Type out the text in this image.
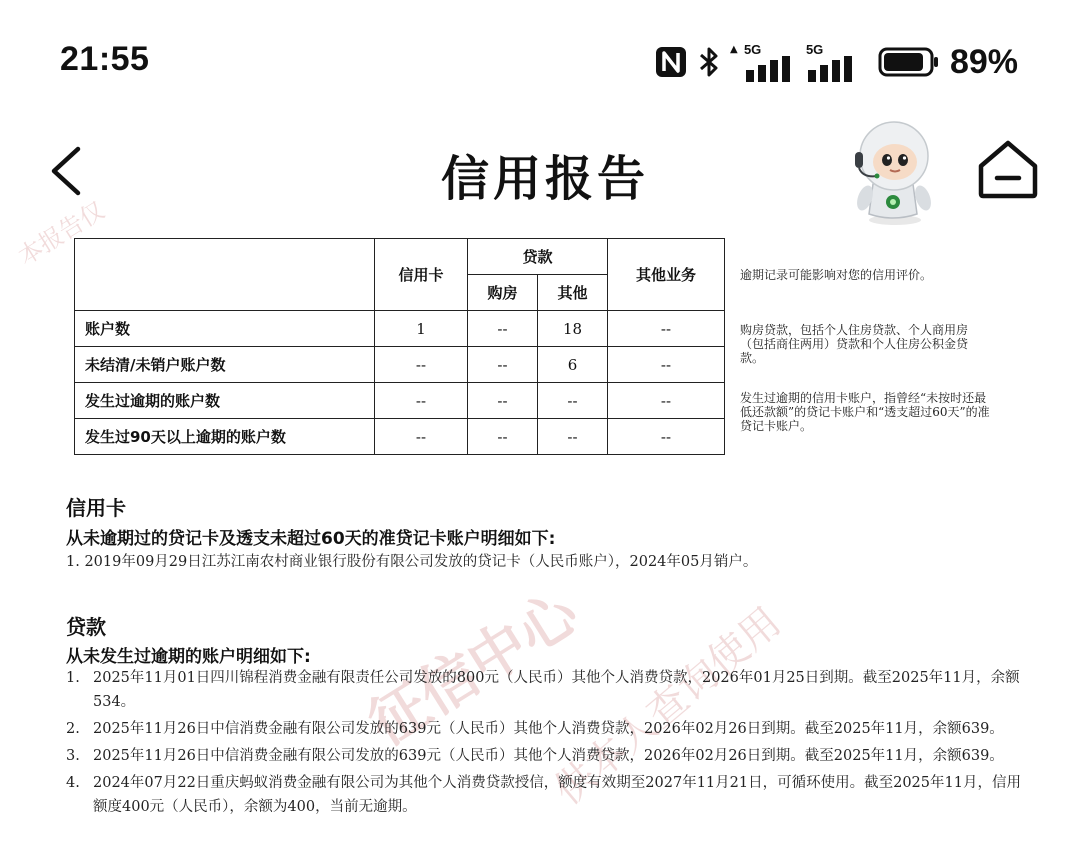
21:55	▲ 5G	5G	89%
信用报告
本报告仅
征信中心
供本人查询使用
	信用卡	贷款		其他业务
		购房	其他	
账户数	1	--	18	--
未结清/未销户账户数	--	--	6	--
发生过逾期的账户数	--	--	--	--
发生过90天以上逾期的账户数	--	--	--	--
逾期记录可能影响对您的信用评价。
购房贷款，包括个人住房贷款、个人商用房（包括商住两用）贷款和个人住房公积金贷款。
发生过逾期的信用卡账户，指曾经“未按时还最低还款额”的贷记卡账户和“透支超过60天”的准贷记卡账户。
信用卡
从未逾期过的贷记卡及透支未超过60天的准贷记卡账户明细如下:
1. 2019年09月29日江苏江南农村商业银行股份有限公司发放的贷记卡（人民币账户），2024年05月销户。
贷款
从未发生过逾期的账户明细如下:
1. 2025年11月01日四川锦程消费金融有限责任公司发放的800元（人民币）其他个人消费贷款，2026年01月25日到期。截至2025年11月，余额534。
2. 2025年11月26日中信消费金融有限公司发放的639元（人民币）其他个人消费贷款，2026年02月26日到期。截至2025年11月，余额639。
3. 2025年11月26日中信消费金融有限公司发放的639元（人民币）其他个人消费贷款，2026年02月26日到期。截至2025年11月，余额639。
4. 2024年07月22日重庆蚂蚁消费金融有限公司为其他个人消费贷款授信，额度有效期至2027年11月21日，可循环使用。截至2025年11月，信用额度400元（人民币），余额为400，当前无逾期。
